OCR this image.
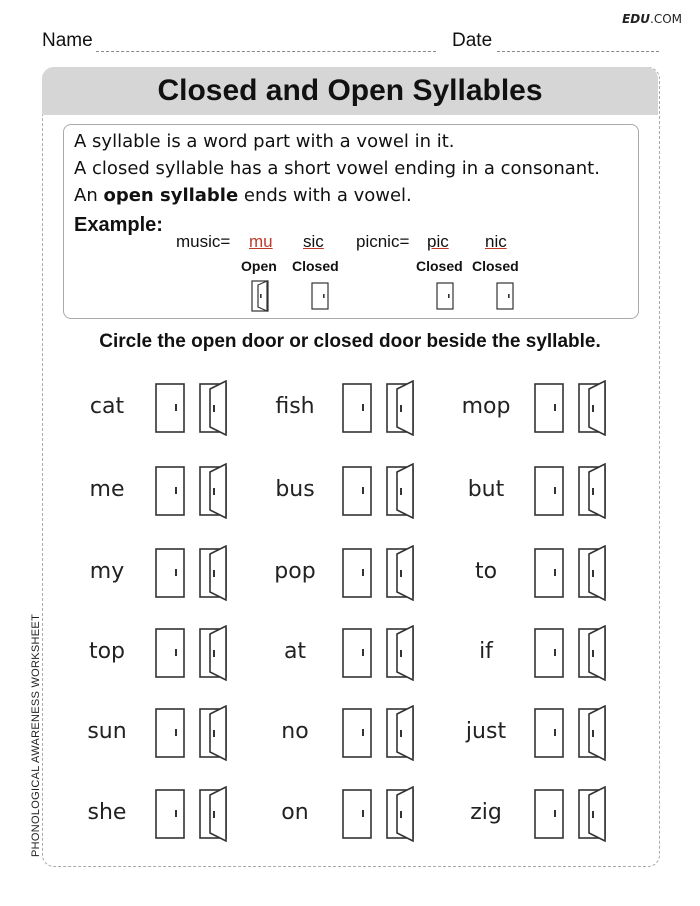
EDU.COM
Name	Date
Closed and Open Syllables
PHONOLOGICAL AWARENESS WORKSHEET
A syllable is a word part with a vowel in it.
A closed syllable has a short vowel ending in a consonant.
An open syllable ends with a vowel.
Example:
music= mu sic picnic= pic nic
Open Closed	Closed Closed
Circle the open door or closed door beside the syllable.
cat	fish	mop
me	bus	but
my	pop	to
top	at	if
sun	no	just
she	on	zig
